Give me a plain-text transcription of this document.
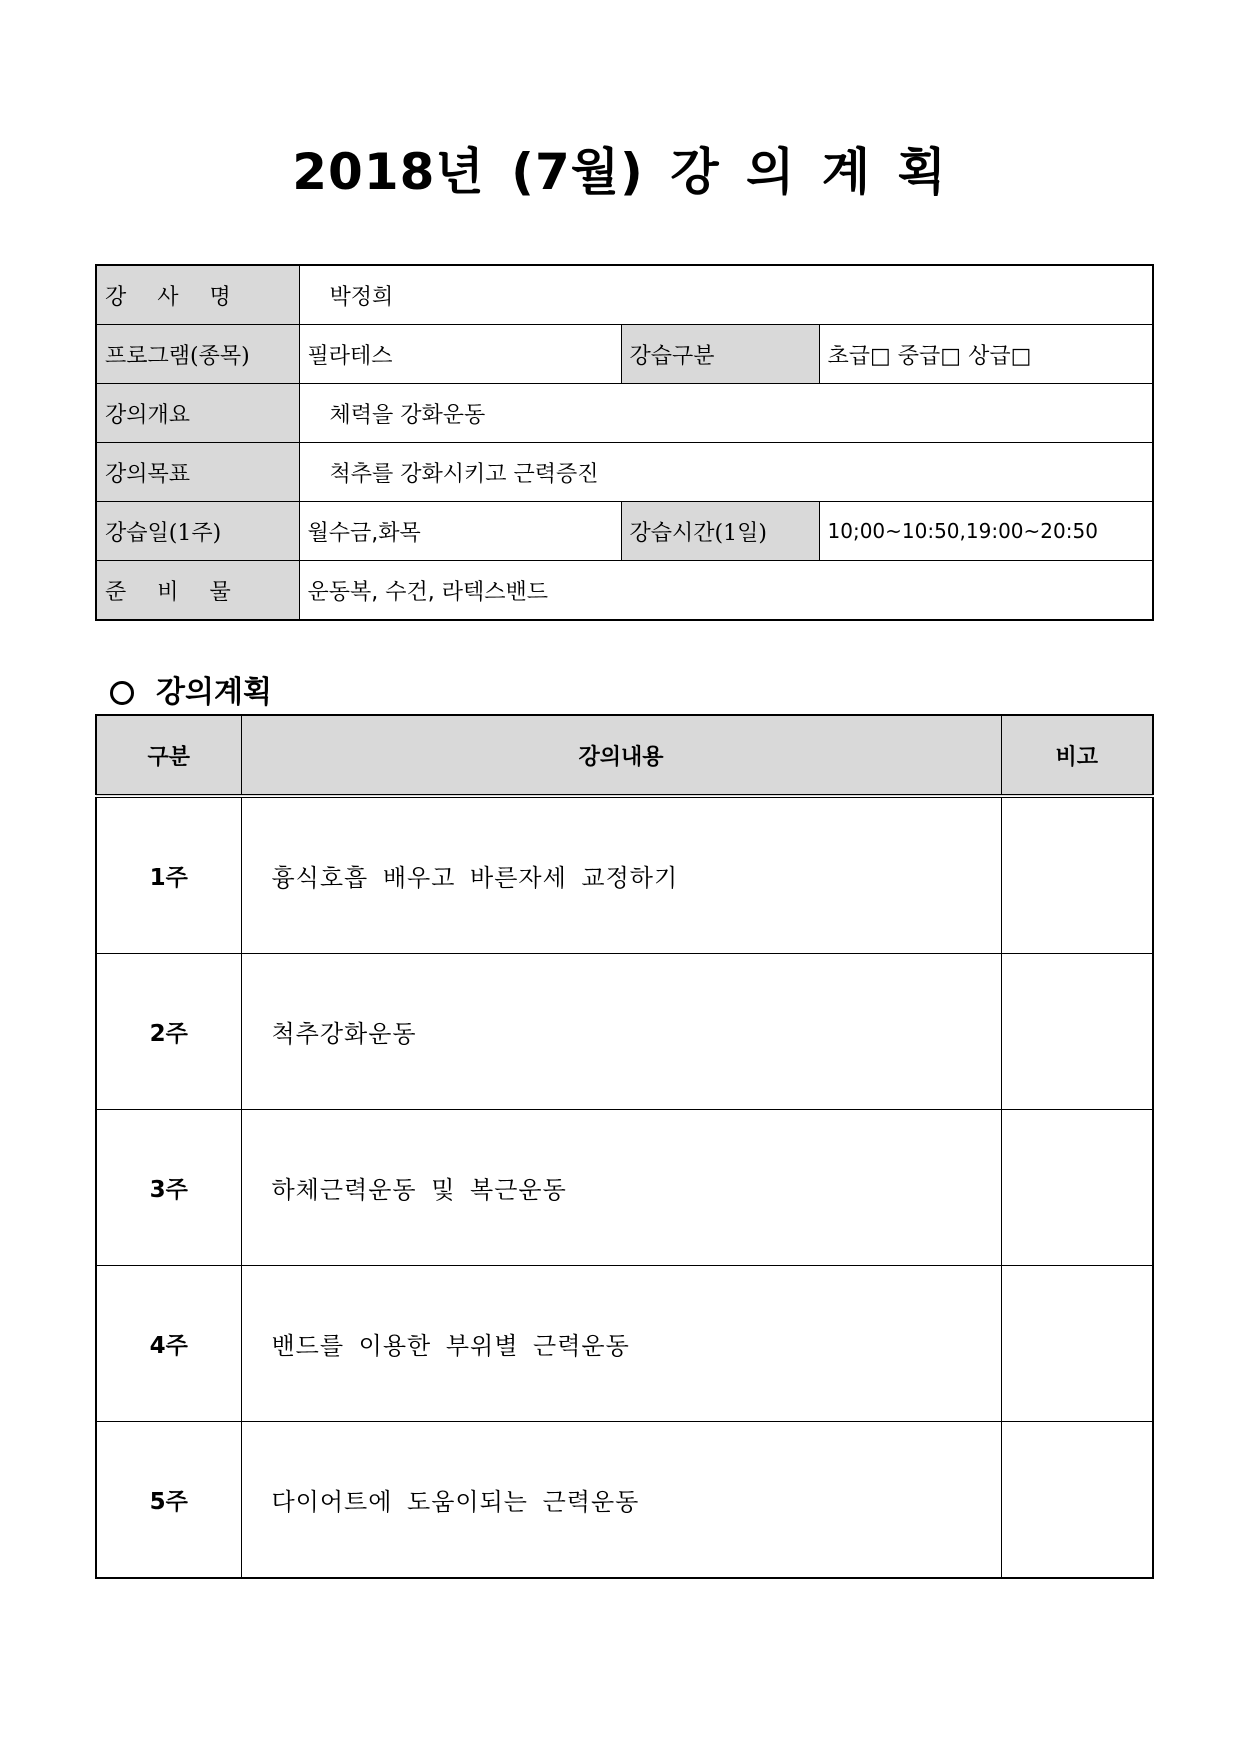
2018년 (7월) 강 의 계 획
강 사 명	박정희		
프로그램(종목)	필라테스	강습구분	초급□ 중급□ 상급□
강의개요	체력을 강화운동		
강의목표	척추를 강화시키고 근력증진		
강습일(1주)	월수금,화목	강습시간(1일)	10;00~10:50,19:00~20:50
준 비 물	운동복, 수건, 라텍스밴드		
강의계획
구분	강의내용	비고
1주	흉식호흡 배우고 바른자세 교정하기	
2주	척추강화운동	
3주	하체근력운동 및 복근운동	
4주	밴드를 이용한 부위별 근력운동	
5주	다이어트에 도움이되는 근력운동	
